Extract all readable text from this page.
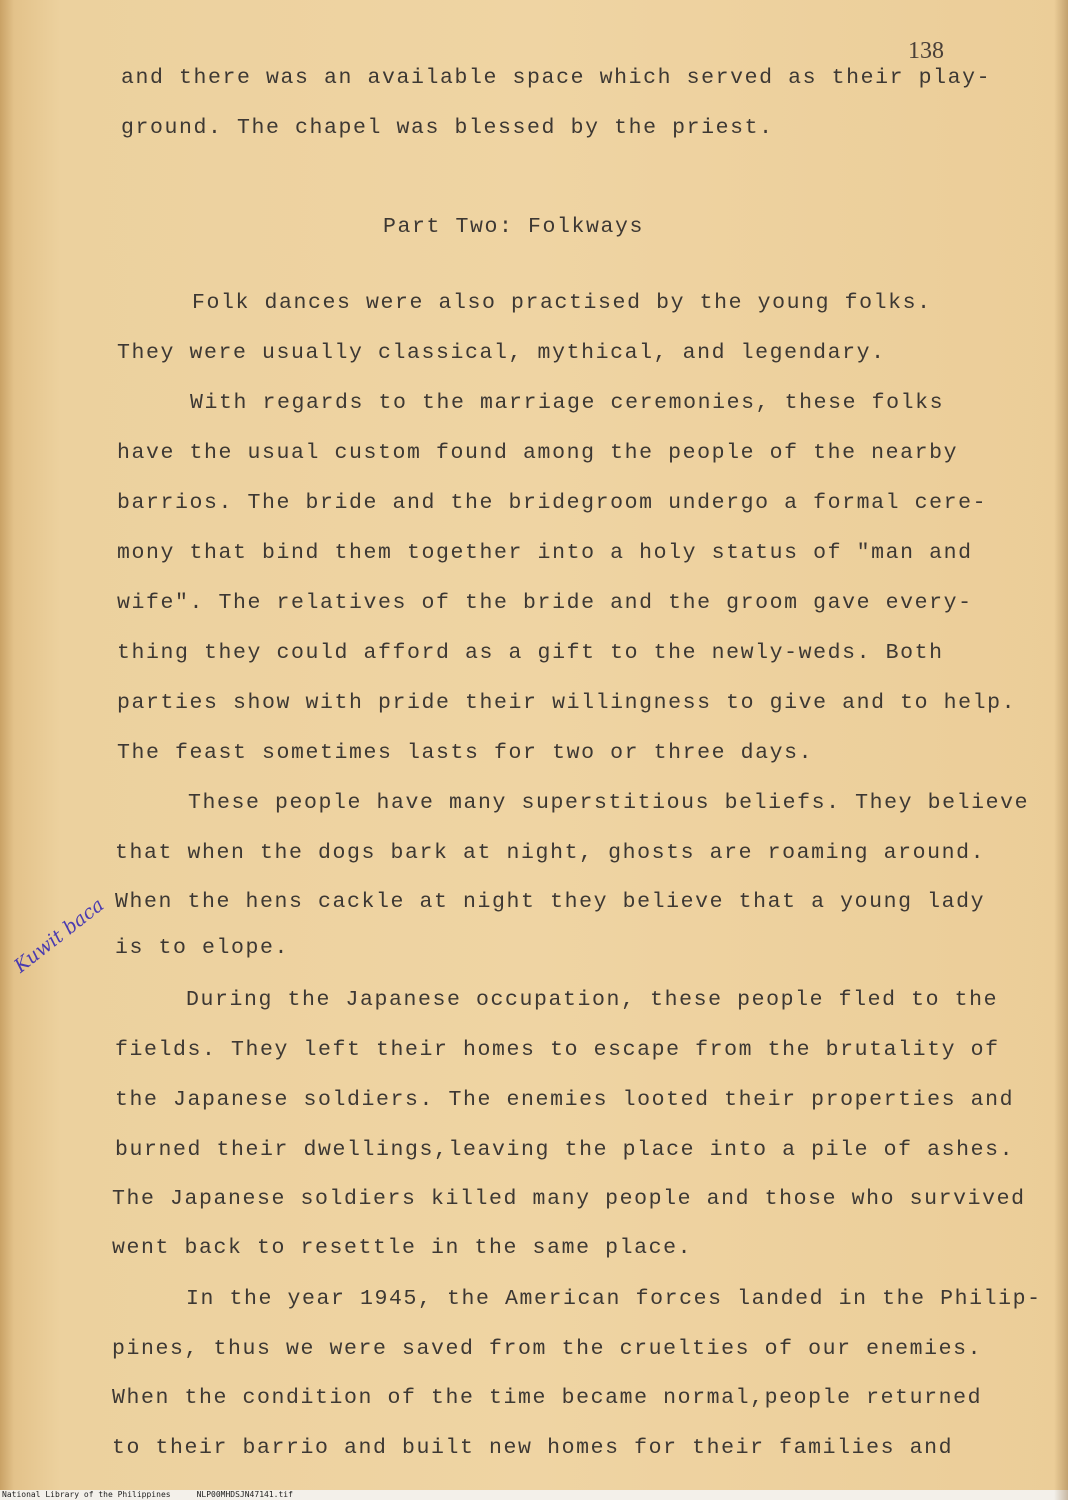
138
and there was an available space which served as their play-
ground. The chapel was blessed by the priest.
Part Two: Folkways
Folk dances were also practised by the young folks.
They were usually classical, mythical, and legendary.
With regards to the marriage ceremonies, these folks
have the usual custom found among the people of the nearby
barrios. The bride and the bridegroom undergo a formal cere-
mony that bind them together into a holy status of "man and
wife". The relatives of the bride and the groom gave every-
thing they could afford as a gift to the newly-weds. Both
parties show with pride their willingness to give and to help.
The feast sometimes lasts for two or three days.
These people have many superstitious beliefs. They believe
that when the dogs bark at night, ghosts are roaming around.
When the hens cackle at night they believe that a young lady
is to elope.
During the Japanese occupation, these people fled to the
fields. They left their homes to escape from the brutality of
the Japanese soldiers. The enemies looted their properties and
burned their dwellings,leaving the place into a pile of ashes.
The Japanese soldiers killed many people and those who survived
went back to resettle in the same place.
In the year 1945, the American forces landed in the Philip-
pines, thus we were saved from the cruelties of our enemies.
When the condition of the time became normal,people returned
to their barrio and built new homes for their families and
Kuwit baca
National Library of the Philippines	NLP00MHDSJN47141.tif
